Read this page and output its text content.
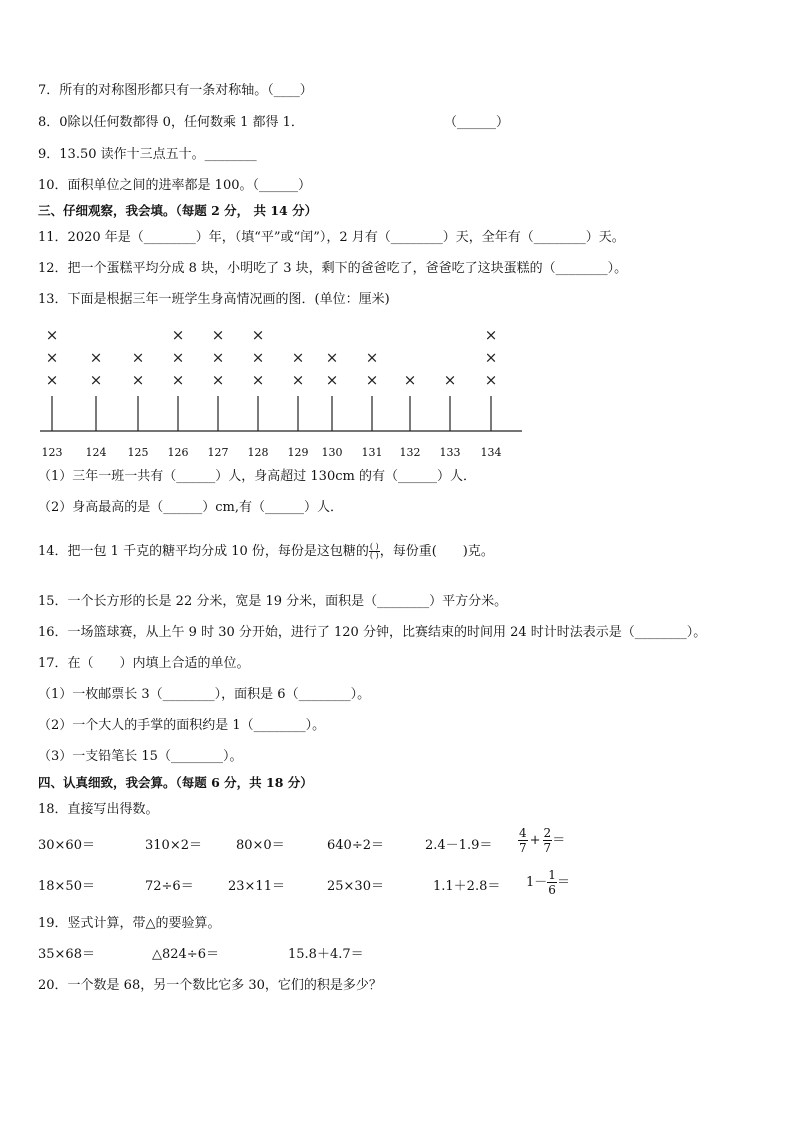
7．所有的对称图形都只有一条对称轴。（____）
8．0除以任何数都得 0，任何数乘 1 都得 1．	（______）
9．13.50 读作十三点五十。________
10．面积单位之间的进率都是 100。（______）
三、仔细观察，我会填。（每题 2 分， 共 14 分）
11．2020 年是（________）年，（填“平”或“闰”），2 月有（________）天，全年有（________）天。
12．把一个蛋糕平均分成 8 块，小明吃了 3 块，剩下的爸爸吃了，爸爸吃了这块蛋糕的（________）。
13．下面是根据三年一班学生身高情况画的图．(单位：厘米)
123
×
×
×
124
×
×
125
×
×
126
×
×
×
127
×
×
×
128
×
×
×
129
×
×
130
×
×
131
×
×
132
×
133
×
134
×
×
×
（1）三年一班一共有（______）人，身高超过 130cm 的有（______）人．
（2）身高最高的是（______）cm,有（______）人．
14．把一包 1 千克的糖平均分成 10 份，每份是这包糖的 $\frac{( )}{( )}$ ，每份重(　　)克。
15．一个长方形的长是 22 分米，宽是 19 分米，面积是（________）平方分米。
16．一场篮球赛，从上午 9 时 30 分开始，进行了 120 分钟，比赛结束的时间用 24 时计时法表示是（________）。
17．在（　　）内填上合适的单位。
（1）一枚邮票长 3（________），面积是 6（________）。
（2）一个大人的手掌的面积约是 1（________）。
（3）一支铅笔长 15（________）。
四、认真细致，我会算。（每题 6 分，共 18 分）
18．直接写出得数。
30×60＝	310×2＝	80×0＝	640÷2＝	$2.4-1.9= \frac{4}{7} + \frac{2}{7}$ ＝
18×50＝	72÷6＝	23×11＝	25×30＝	$1.1+2.8= 1 - \frac{1}{6}$ ＝
19．竖式计算，带△的要验算。
35×68＝	△824÷6＝	15.8＋4.7＝
20．一个数是 68，另一个数比它多 30，它们的积是多少？
